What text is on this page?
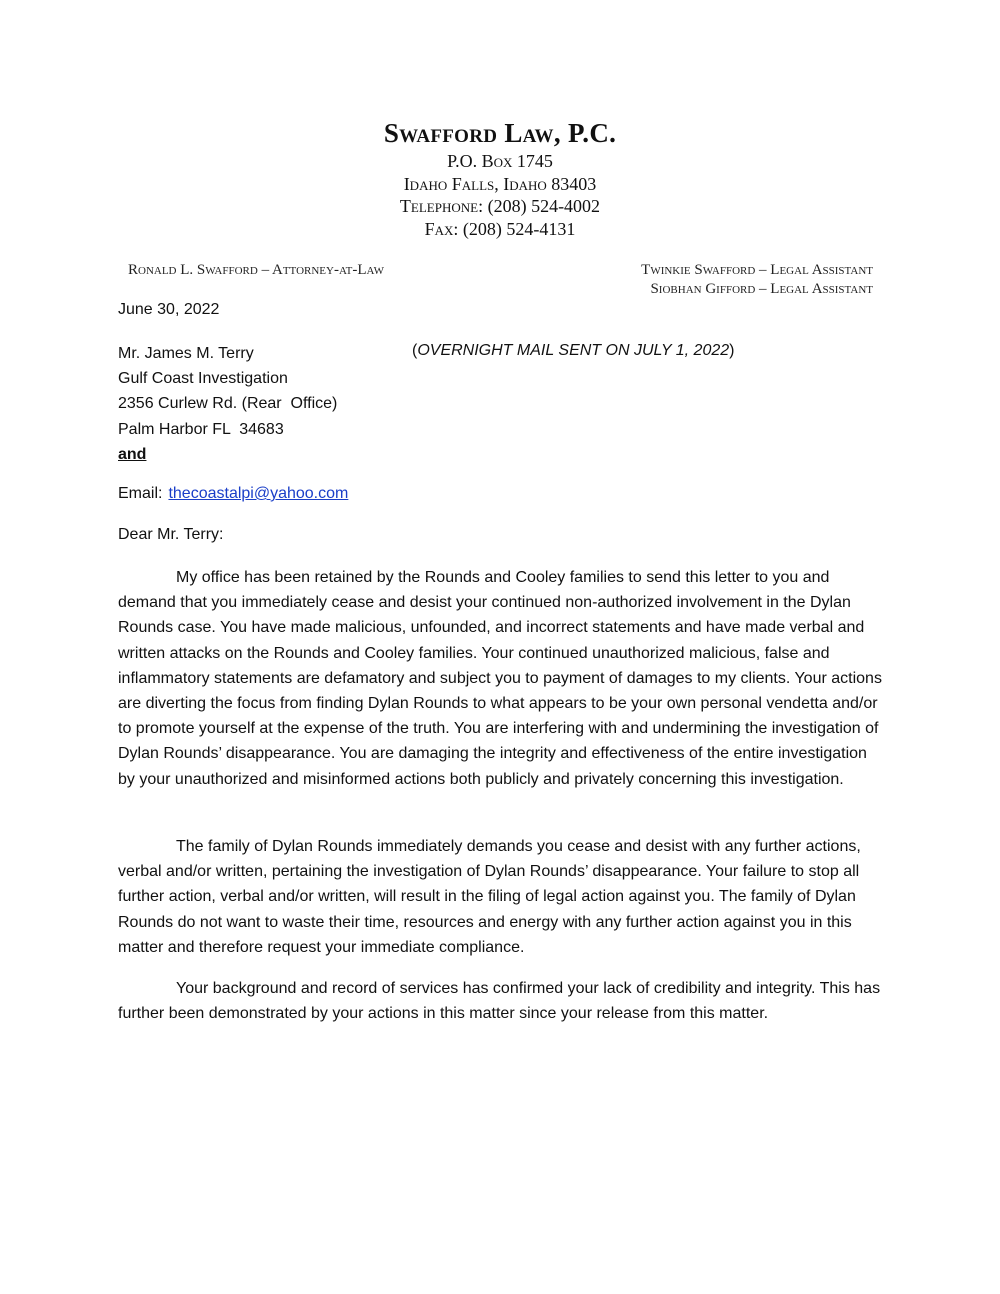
Swafford Law, P.C.
P.O. Box 1745
Idaho Falls, Idaho 83403
Telephone: (208) 524-4002
Fax: (208) 524-4131
Ronald L. Swafford – Attorney-at-Law	Twinkie Swafford – Legal Assistant
Siobhan Gifford – Legal Assistant
June 30, 2022
Mr. James M. Terry
Gulf Coast Investigation
2356 Curlew Rd. (Rear  Office)
Palm Harbor FL  34683
and
(OVERNIGHT MAIL SENT ON JULY 1, 2022)
Email: thecoastalpi@yahoo.com
Dear Mr. Terry:

My office has been retained by the Rounds and Cooley families to send this letter to you and demand that you immediately cease and desist your continued non-authorized involvement in the Dylan Rounds case. You have made malicious, unfounded, and incorrect statements and have made verbal and written attacks on the Rounds and Cooley families. Your continued unauthorized malicious, false and inflammatory statements are defamatory and subject you to payment of damages to my clients. Your actions are diverting the focus from finding Dylan Rounds to what appears to be your own personal vendetta and/or to promote yourself at the expense of the truth. You are interfering with and undermining the investigation of Dylan Rounds’ disappearance. You are damaging the integrity and effectiveness of the entire investigation by your unauthorized and misinformed actions both publicly and privately concerning this investigation.

The family of Dylan Rounds immediately demands you cease and desist with any further actions, verbal and/or written, pertaining the investigation of Dylan Rounds’ disappearance. Your failure to stop all further action, verbal and/or written, will result in the filing of legal action against you. The family of Dylan Rounds do not want to waste their time, resources and energy with any further action against you in this matter and therefore request your immediate compliance.

Your background and record of services has confirmed your lack of credibility and integrity. This has further been demonstrated by your actions in this matter since your release from this matter.
